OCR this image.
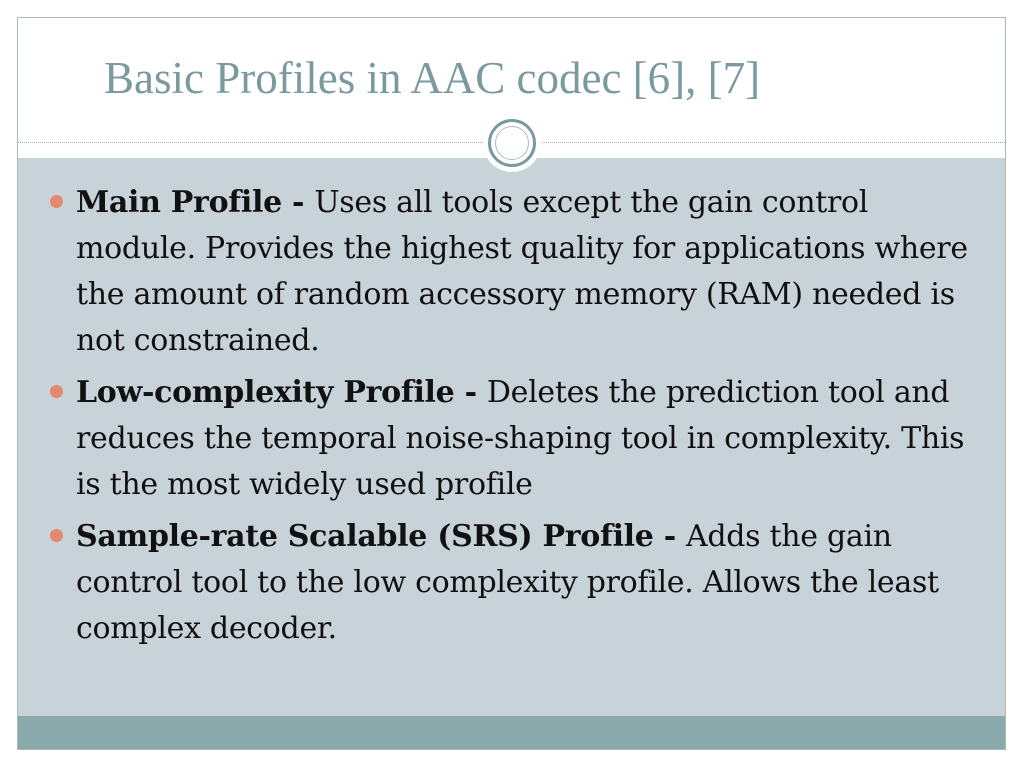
Basic Profiles in AAC codec [6], [7]
Main Profile - Uses all tools except the gain control module. Provides the highest quality for applications where the amount of random accessory memory (RAM) needed is not constrained.
Low-complexity Profile - Deletes the prediction tool and reduces the temporal noise-shaping tool in complexity. This is the most widely used profile
Sample-rate Scalable (SRS) Profile - Adds the gain control tool to the low complexity profile. Allows the least complex decoder.
